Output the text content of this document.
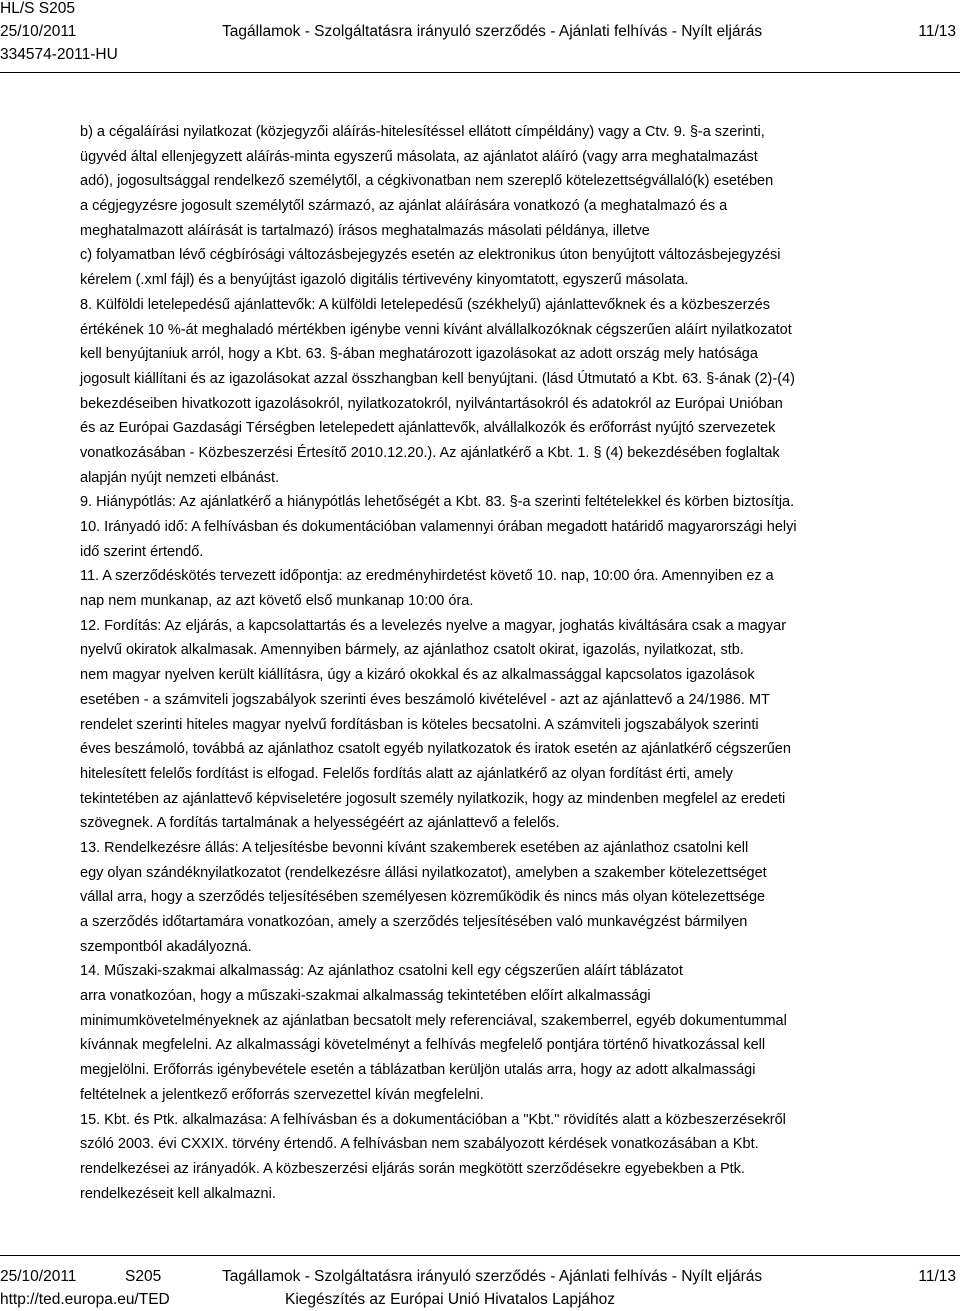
HL/S S205
25/10/2011	Tagállamok - Szolgáltatásra irányuló szerződés - Ajánlati felhívás - Nyílt eljárás	11/13
334574-2011-HU
b) a cégaláírási nyilatkozat (közjegyzői aláírás-hitelesítéssel ellátott címpéldány) vagy a Ctv. 9. §-a szerinti,
ügyvéd által ellenjegyzett aláírás-minta egyszerű másolata, az ajánlatot aláíró (vagy arra meghatalmazást
adó), jogosultsággal rendelkező személytől, a cégkivonatban nem szereplő kötelezettségvállaló(k) esetében
a cégjegyzésre jogosult személytől származó, az ajánlat aláírására vonatkozó (a meghatalmazó és a
meghatalmazott aláírását is tartalmazó) írásos meghatalmazás másolati példánya, illetve
c) folyamatban lévő cégbírósági változásbejegyzés esetén az elektronikus úton benyújtott változásbejegyzési
kérelem (.xml fájl) és a benyújtást igazoló digitális tértivevény kinyomtatott, egyszerű másolata.
8. Külföldi letelepedésű ajánlattevők: A külföldi letelepedésű (székhelyű) ajánlattevőknek és a közbeszerzés
értékének 10 %-át meghaladó mértékben igénybe venni kívánt alvállalkozóknak cégszerűen aláírt nyilatkozatot
kell benyújtaniuk arról, hogy a Kbt. 63. §-ában meghatározott igazolásokat az adott ország mely hatósága
jogosult kiállítani és az igazolásokat azzal összhangban kell benyújtani. (lásd Útmutató a Kbt. 63. §-ának (2)-(4)
bekezdéseiben hivatkozott igazolásokról, nyilatkozatokról, nyilvántartásokról és adatokról az Európai Unióban
és az Európai Gazdasági Térségben letelepedett ajánlattevők, alvállalkozók és erőforrást nyújtó szervezetek
vonatkozásában - Közbeszerzési Értesítő 2010.12.20.). Az ajánlatkérő a Kbt. 1. § (4) bekezdésében foglaltak
alapján nyújt nemzeti elbánást.
9. Hiánypótlás: Az ajánlatkérő a hiánypótlás lehetőségét a Kbt. 83. §-a szerinti feltételekkel és körben biztosítja.
10. Irányadó idő: A felhívásban és dokumentációban valamennyi órában megadott határidő magyarországi helyi
idő szerint értendő.
11. A szerződéskötés tervezett időpontja: az eredményhirdetést követő 10. nap, 10:00 óra. Amennyiben ez a
nap nem munkanap, az azt követő első munkanap 10:00 óra.
12. Fordítás: Az eljárás, a kapcsolattartás és a levelezés nyelve a magyar, joghatás kiváltására csak a magyar
nyelvű okiratok alkalmasak. Amennyiben bármely, az ajánlathoz csatolt okirat, igazolás, nyilatkozat, stb.
nem magyar nyelven került kiállításra, úgy a kizáró okokkal és az alkalmassággal kapcsolatos igazolások
esetében - a számviteli jogszabályok szerinti éves beszámoló kivételével - azt az ajánlattevő a 24/1986. MT
rendelet szerinti hiteles magyar nyelvű fordításban is köteles becsatolni. A számviteli jogszabályok szerinti
éves beszámoló, továbbá az ajánlathoz csatolt egyéb nyilatkozatok és iratok esetén az ajánlatkérő cégszerűen
hitelesített felelős fordítást is elfogad. Felelős fordítás alatt az ajánlatkérő az olyan fordítást érti, amely
tekintetében az ajánlattevő képviseletére jogosult személy nyilatkozik, hogy az mindenben megfelel az eredeti
szövegnek. A fordítás tartalmának a helyességéért az ajánlattevő a felelős.
13. Rendelkezésre állás: A teljesítésbe bevonni kívánt szakemberek esetében az ajánlathoz csatolni kell
egy olyan szándéknyilatkozatot (rendelkezésre állási nyilatkozatot), amelyben a szakember kötelezettséget
vállal arra, hogy a szerződés teljesítésében személyesen közreműködik és nincs más olyan kötelezettsége
a szerződés időtartamára vonatkozóan, amely a szerződés teljesítésében való munkavégzést bármilyen
szempontból akadályozná.
14. Műszaki-szakmai alkalmasság: Az ajánlathoz csatolni kell egy cégszerűen aláírt táblázatot
arra vonatkozóan, hogy a műszaki-szakmai alkalmasság tekintetében előírt alkalmassági
minimumkövetelményeknek az ajánlatban becsatolt mely referenciával, szakemberrel, egyéb dokumentummal
kívánnak megfelelni. Az alkalmassági követelményt a felhívás megfelelő pontjára történő hivatkozással kell
megjelölni. Erőforrás igénybevétele esetén a táblázatban kerüljön utalás arra, hogy az adott alkalmassági
feltételnek a jelentkező erőforrás szervezettel kíván megfelelni.
15. Kbt. és Ptk. alkalmazása: A felhívásban és a dokumentációban a "Kbt." rövidítés alatt a közbeszerzésekről
szóló 2003. évi CXXIX. törvény értendő. A felhívásban nem szabályozott kérdések vonatkozásában a Kbt.
rendelkezései az irányadók. A közbeszerzési eljárás során megkötött szerződésekre egyebekben a Ptk.
rendelkezéseit kell alkalmazni.
25/10/2011	S205	Tagállamok - Szolgáltatásra irányuló szerződés - Ajánlati felhívás - Nyílt eljárás	11/13
http://ted.europa.eu/TED	Kiegészítés az Európai Unió Hivatalos Lapjához
